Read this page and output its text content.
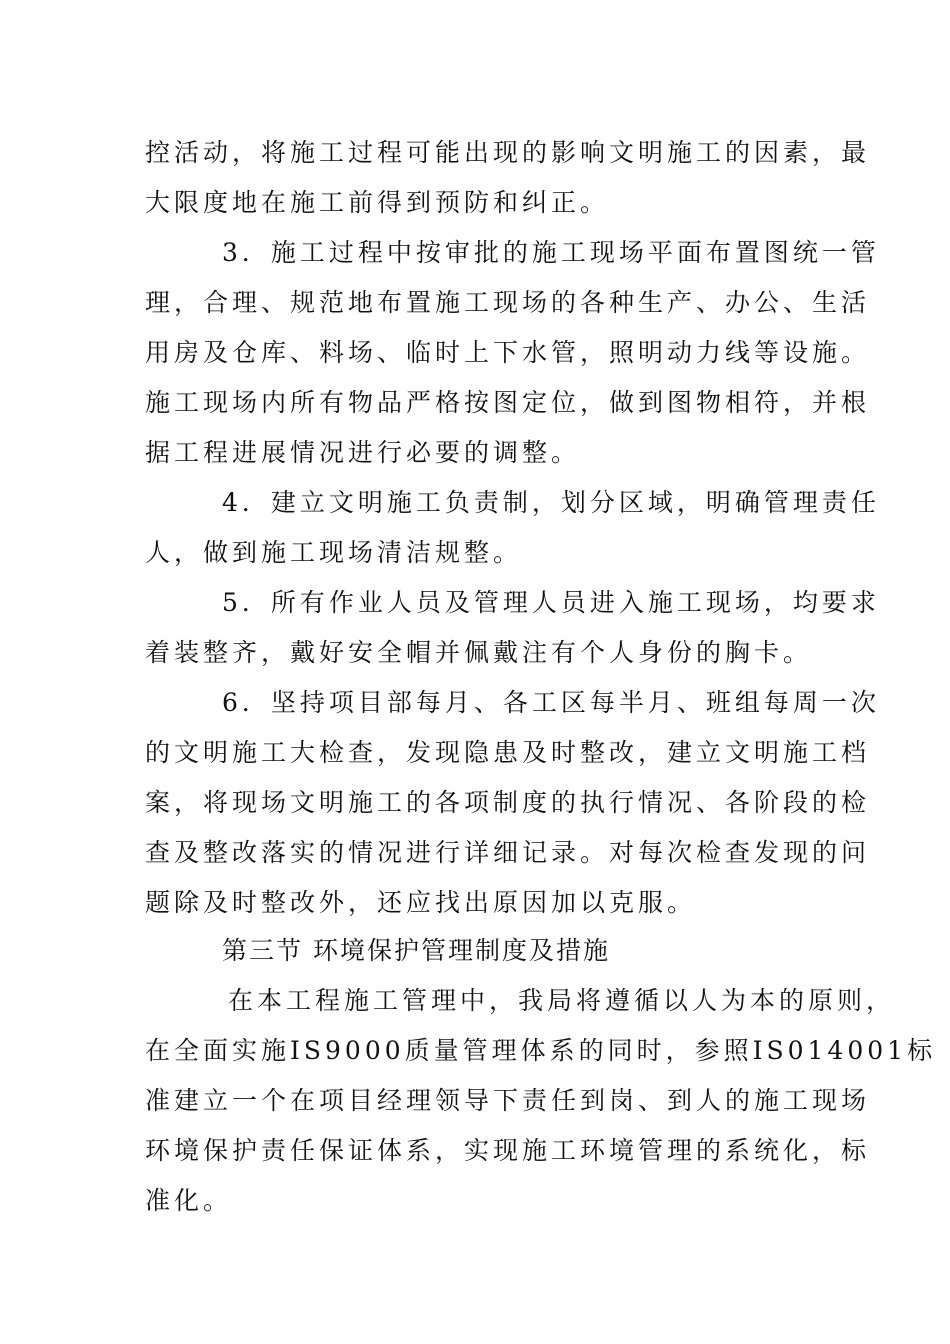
控活动，将施工过程可能出现的影响文明施工的因素，最
大限度地在施工前得到预防和纠正。
3．施工过程中按审批的施工现场平面布置图统一管
理，合理、规范地布置施工现场的各种生产、办公、生活
用房及仓库、料场、临时上下水管，照明动力线等设施。
施工现场内所有物品严格按图定位，做到图物相符，并根
据工程进展情况进行必要的调整。
4．建立文明施工负责制，划分区域，明确管理责任
人，做到施工现场清洁规整。
5．所有作业人员及管理人员进入施工现场，均要求
着装整齐，戴好安全帽并佩戴注有个人身份的胸卡。
6．坚持项目部每月、各工区每半月、班组每周一次
的文明施工大检查，发现隐患及时整改，建立文明施工档
案，将现场文明施工的各项制度的执行情况、各阶段的检
查及整改落实的情况进行详细记录。对每次检查发现的问
题除及时整改外，还应找出原因加以克服。
第三节 环境保护管理制度及措施
在本工程施工管理中，我局将遵循以人为本的原则，
在全面实施IS9000质量管理体系的同时，参照IS014001标
准建立一个在项目经理领导下责任到岗、到人的施工现场
环境保护责任保证体系，实现施工环境管理的系统化，标
准化。
